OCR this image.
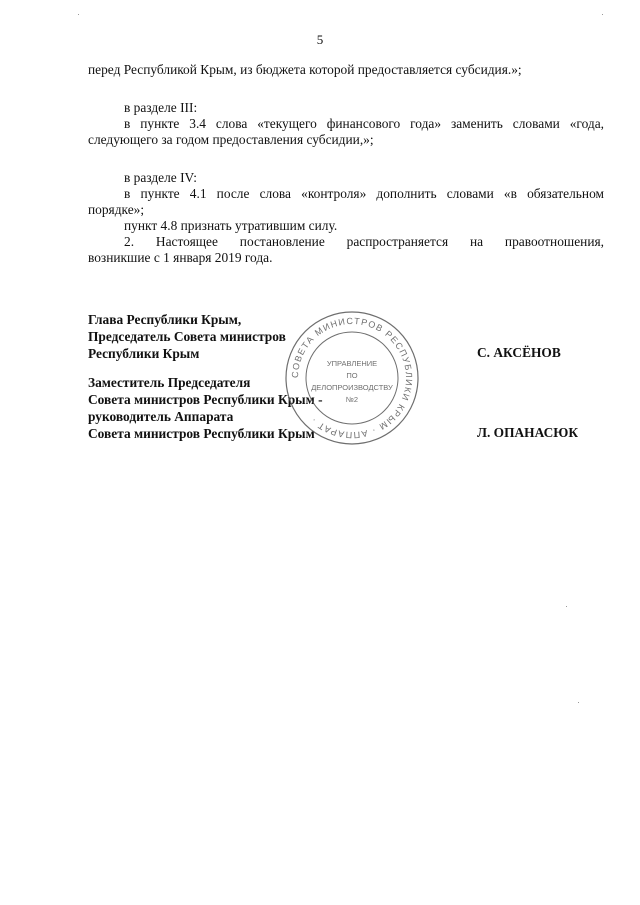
5

перед Республикой Крым, из бюджета которой предоставляется субсидия.»;

в разделе III:

в пункте 3.4 слова «текущего финансового года» заменить словами «года,

следующего за годом предоставления субсидии,»;

в разделе IV:

в пункте 4.1 после слова «контроля» дополнить словами «в обязательном

порядке»;

пункт 4.8 признать утратившим силу.

2. Настоящее постановление распространяется на правоотношения,

возникшие с 1 января 2019 года.

Глава Республики Крым,
Председатель Совета министров
Республики Крым	С. АКСЁНОВ
Заместитель Председателя
Совета министров Республики Крым -
руководитель Аппарата
Совета министров Республики Крым	Л. ОПАНАСЮК
СОВЕТА МИНИСТРОВ РЕСПУБЛИКИ КРЫМ · АППАРАТ ·
УПРАВЛЕНИЕ
ПО
ДЕЛОПРОИЗВОДСТВУ
№2
